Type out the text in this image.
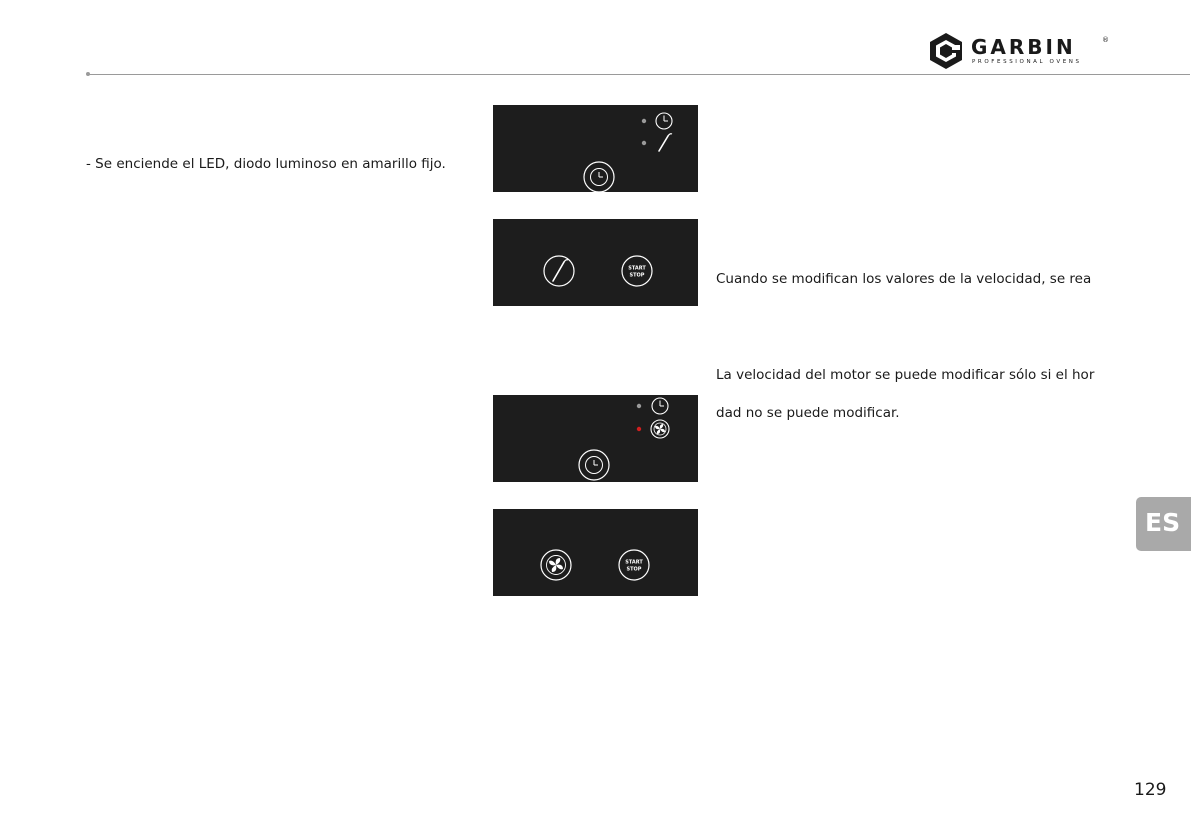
GARBIN	®
PROFESSIONAL OVENS
- Se enciende el LED, diodo luminoso en amarillo fijo.
Cuando se modifican los valores de la velocidad, se rea
La velocidad del motor se puede modificar sólo si el hor
dad no se puede modificar.
START
STOP
START
STOP
ES
129
